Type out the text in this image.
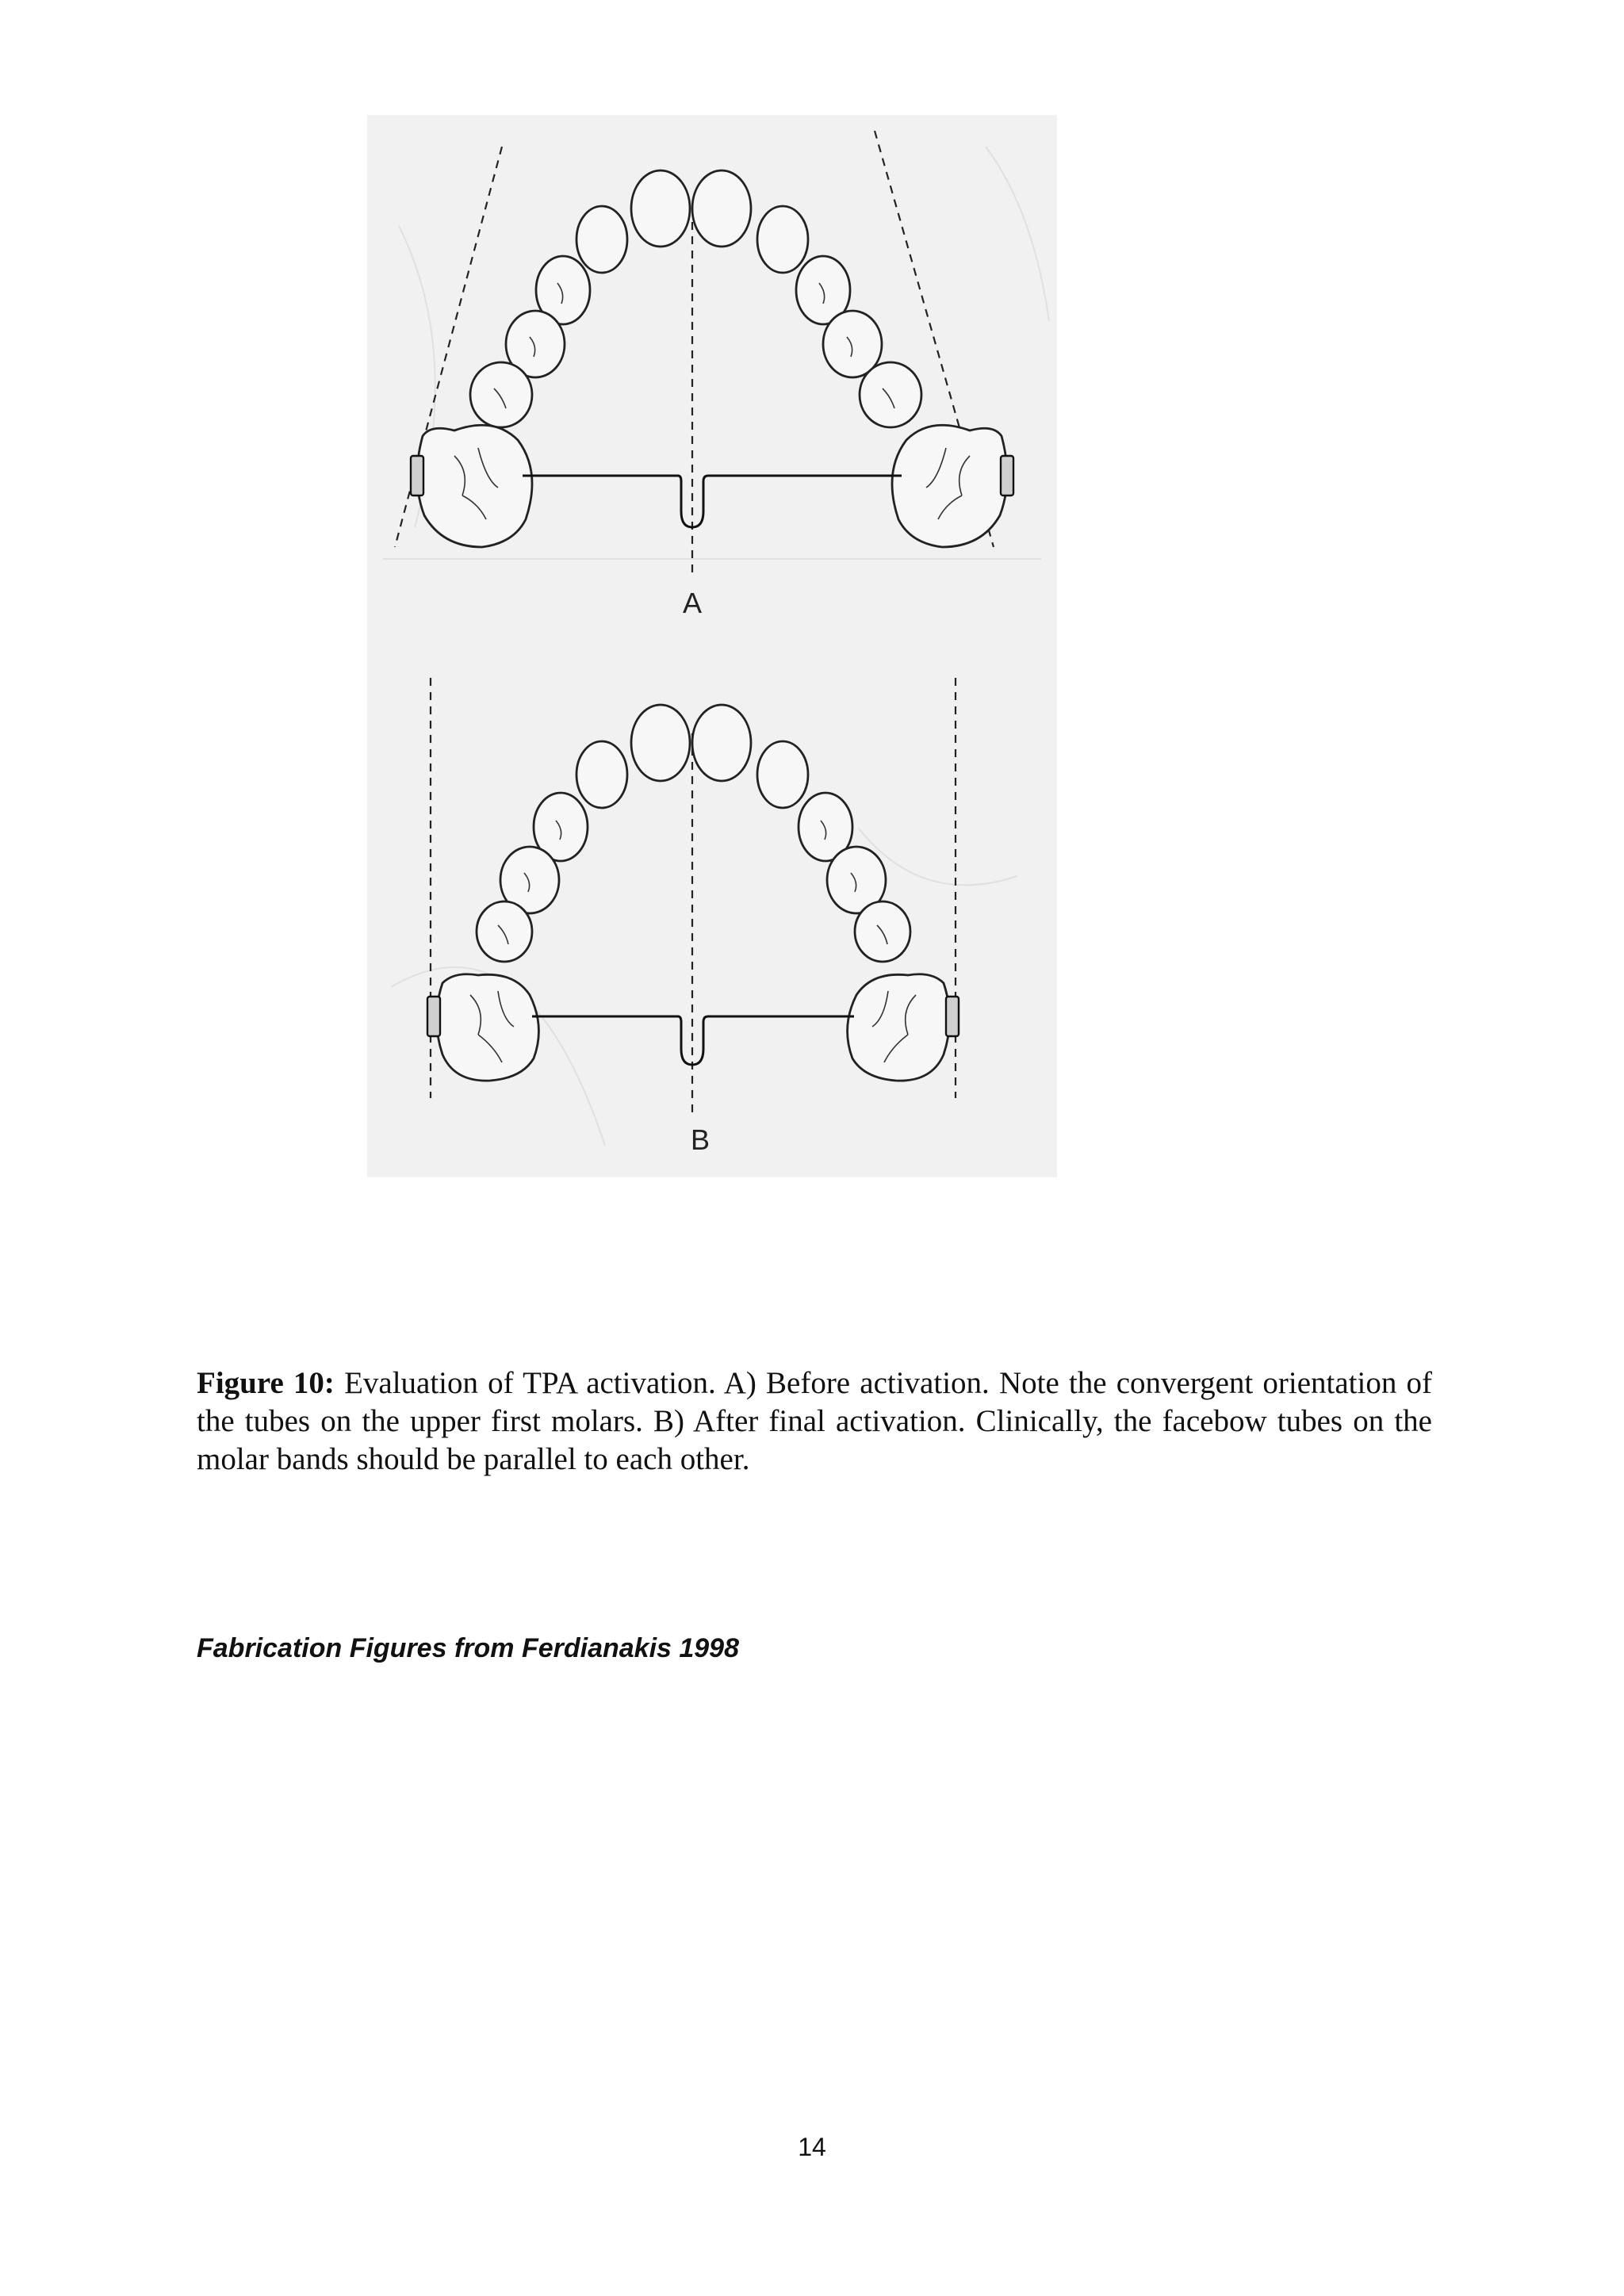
A
B

Figure 10: Evaluation of TPA activation. A) Before activation. Note the convergent orientation of the tubes on the upper first molars. B) After final activation. Clinically, the facebow tubes on the molar bands should be parallel to each other.

Fabrication Figures from Ferdianakis 1998
14
